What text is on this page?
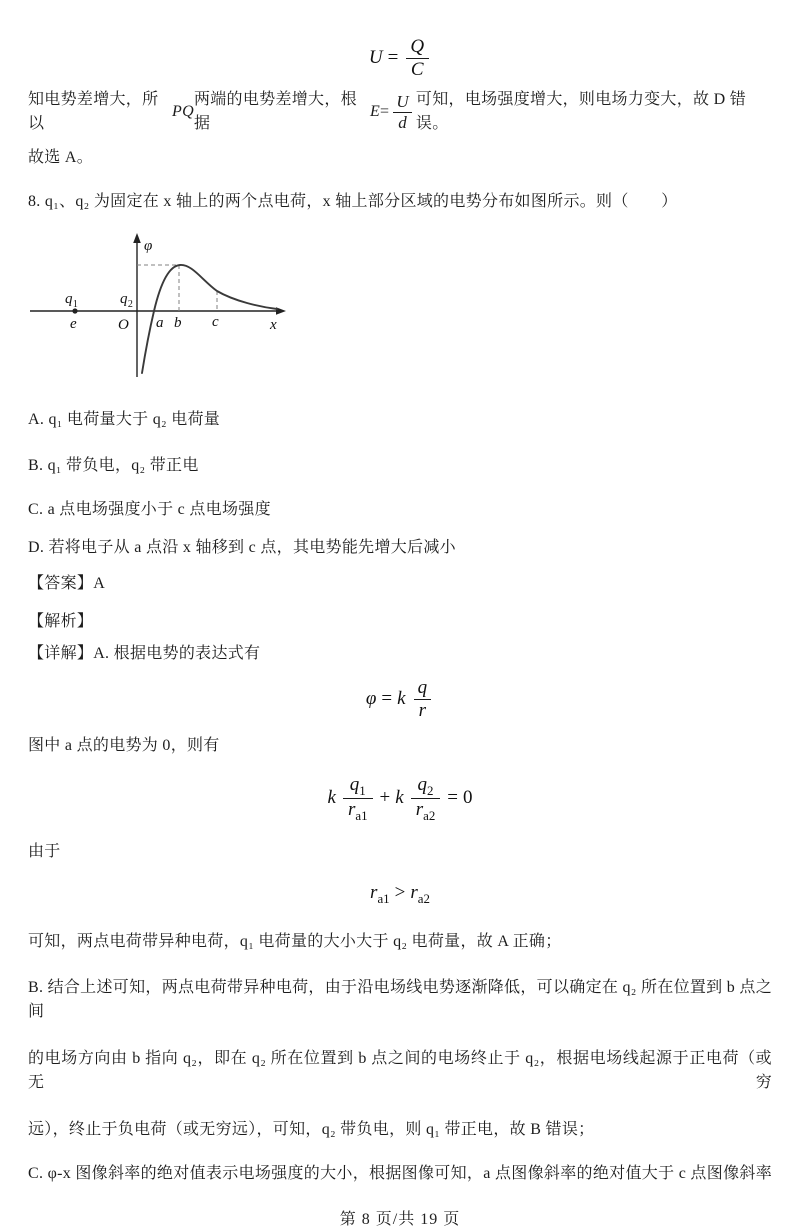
$U = \frac{Q}{C}$
知电势差增大，所以
PQ
两端的电势差增大，根据
$E = \frac{U}{d}$ 可知，电场强度增大，则电场力变大，故 D 错误。
故选 A。
8. q₁、q₂ 为固定在 x 轴上的两个点电荷，x 轴上部分区域的电势分布如图所示。则（　　）
φ
x
O
e	a b c
$q_1$	$q_2$
A. q₁ 电荷量大于 q₂ 电荷量
B. q₁ 带负电，q₂ 带正电
C. a 点电场强度小于 c 点电场强度
D. 若将电子从 a 点沿 x 轴移到 c 点，其电势能先增大后减小
【答案】A
【解析】
【详解】A. 根据电势的表达式有
φ = k $\frac{q}{r}$
图中 a 点的电势为 0，则有
k $\frac{q_1}{r_{a1}} + k \frac{q_2}{r_{a2}} = 0$
由于
$r_{a1} > r_{a2}$
可知，两点电荷带异种电荷，q₁ 电荷量的大小大于 q₂ 电荷量，故 A 正确；
B. 结合上述可知，两点电荷带异种电荷，由于沿电场线电势逐渐降低，可以确定在 q₂ 所在位置到 b 点之间
的电场方向由 b 指向 q₂，即在 q₂ 所在位置到 b 点之间的电场终止于 q₂，根据电场线起源于正电荷（或无穷
远），终止于负电荷（或无穷远），可知，q₂ 带负电，则 q₁ 带正电，故 B 错误；
C. φ-x 图像斜率的绝对值表示电场强度的大小，根据图像可知，a 点图像斜率的绝对值大于 c 点图像斜率
第 8 页/共 19 页
